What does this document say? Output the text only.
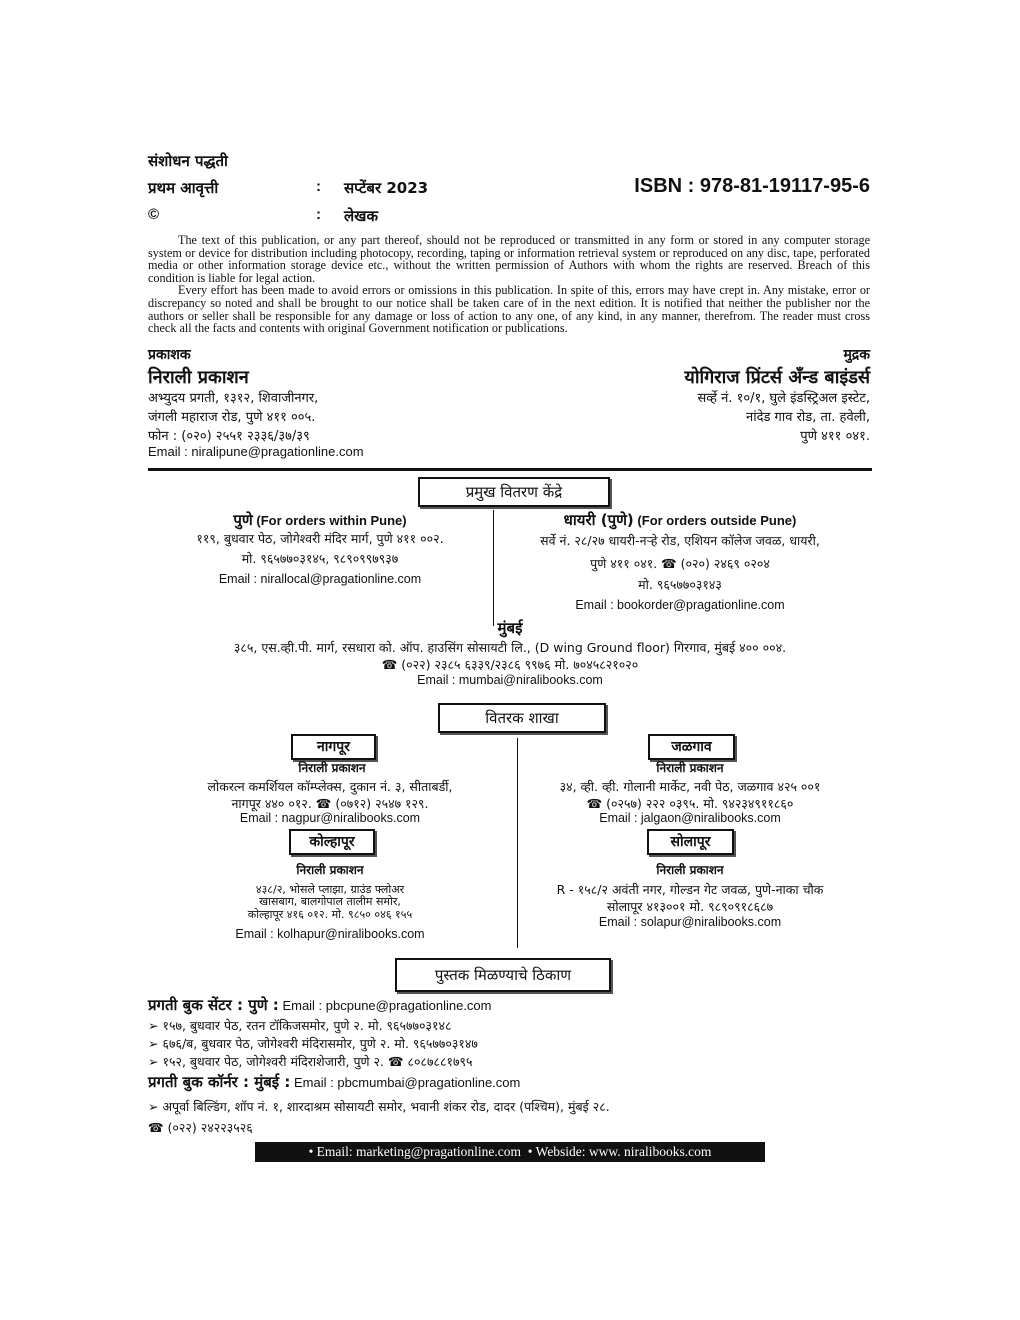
संशोधन पद्धती
प्रथम आवृत्ती	: सप्टेंबर 2023	ISBN : 978-81-19117-95-6
©	: लेखक

The text of this publication, or any part thereof, should not be reproduced or transmitted in any form or stored in any computer storage system or device for distribution including photocopy, recording, taping or information retrieval system or reproduced on any disc, tape, perforated media or other information storage device etc., without the written permission of Authors with whom the rights are reserved. Breach of this condition is liable for legal action.

Every effort has been made to avoid errors or omissions in this publication. In spite of this, errors may have crept in. Any mistake, error or discrepancy so noted and shall be brought to our notice shall be taken care of in the next edition. It is notified that neither the publisher nor the authors or seller shall be responsible for any damage or loss of action to any one, of any kind, in any manner, therefrom. The reader must cross check all the facts and contents with original Government notification or publications.

प्रकाशक
निराली प्रकाशन
अभ्युदय प्रगती, १३१२, शिवाजीनगर,
जंगली महाराज रोड, पुणे ४११ ००५.
फोन : (०२०) २५५१ २३३६/३७/३९
Email : niralipune@pragationline.com
मुद्रक
योगिराज प्रिंटर्स अँन्ड बाइंडर्स
सर्व्हे नं. १०/१, घुले इंडस्ट्रिअल इस्टेट,
नांदेड गाव रोड, ता. हवेली,
पुणे ४११ ०४१.
प्रमुख वितरण केंद्रे
पुणे (For orders within Pune)
११९, बुधवार पेठ, जोगेश्वरी मंदिर मार्ग, पुणे ४११ ००२.
मो. ९६५७७०३१४५, ९८९०९९७९३७
Email : nirallocal@pragationline.com
धायरी (पुणे) (For orders outside Pune)
सर्वे नं. २८/२७ धायरी-नऱ्हे रोड, एशियन कॉलेज जवळ, धायरी,
पुणे ४११ ०४१. ☎ (०२०) २४६९ ०२०४
मो. ९६५७७०३१४३
Email : bookorder@pragationline.com
मुंबई
३८५, एस.व्ही.पी. मार्ग, रसधारा को. ऑप. हाउसिंग सोसायटी लि., (D wing Ground floor) गिरगाव, मुंबई ४०० ००४.
☎ (०२२) २३८५ ६३३९/२३८६ ९९७६ मो. ७०४५८२१०२०
Email : mumbai@niralibooks.com
वितरक शाखा
नागपूर
निराली प्रकाशन
लोकरत्न कमर्शियल कॉम्प्लेक्स, दुकान नं. ३, सीताबर्डी,
नागपूर ४४० ०१२. ☎ (०७१२) २५४७ १२९.
Email : nagpur@niralibooks.com
जळगाव
निराली प्रकाशन
३४, व्ही. व्ही. गोलानी मार्केट, नवी पेठ, जळगाव ४२५ ००१
☎ (०२५७) २२२ ०३९५. मो. ९४२३४९११८६०
Email : jalgaon@niralibooks.com
कोल्हापूर
निराली प्रकाशन
४३८/२, भोसले प्लाझा, ग्राउंड फ्लोअर
खासबाग, बालगोपाल तालीम समोर,
कोल्हापूर ४१६ ०१२. मो. ९८५० ०४६ १५५
Email : kolhapur@niralibooks.com
सोलापूर
निराली प्रकाशन
R - १५८/२ अवंती नगर, गोल्डन गेट जवळ, पुणे-नाका चौक
सोलापूर ४१३००१ मो. ९८९०९१८६८७
Email : solapur@niralibooks.com
पुस्तक मिळण्याचे ठिकाण
प्रगती बुक सेंटर : पुणे : Email : pbcpune@pragationline.com
➢ १५७, बुधवार पेठ, रतन टॉकिजसमोर, पुणे २. मो. ९६५७७०३१४८
➢ ६७६/ब, बुधवार पेठ, जोगेश्वरी मंदिरासमोर, पुणे २. मो. ९६५७७०३१४७
➢ १५२, बुधवार पेठ, जोगेश्वरी मंदिराशेजारी, पुणे २. ☎ ८०८७८८१७९५
प्रगती बुक कॉर्नर : मुंबई : Email : pbcmumbai@pragationline.com
➢ अपूर्वा बिल्डिंग, शॉप नं. १, शारदाश्रम सोसायटी समोर, भवानी शंकर रोड, दादर (पश्चिम), मुंबई २८.
☎ (०२२) २४२२३५२६
• Email: marketing@pragationline.com • Webside: www. niralibooks.com
